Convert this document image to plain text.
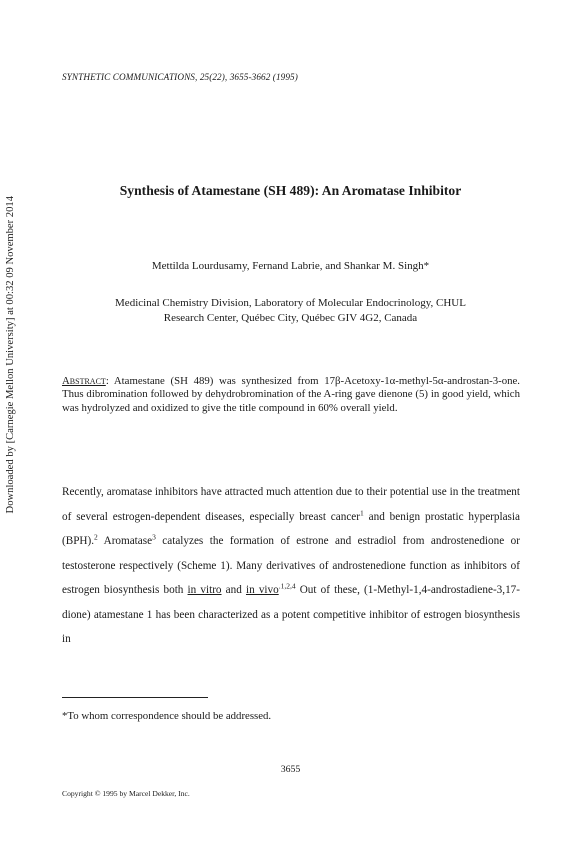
Downloaded by [Carnegie Mellon University] at 00:32 09 November 2014
SYNTHETIC COMMUNICATIONS, 25(22), 3655-3662 (1995)
Synthesis of Atamestane (SH 489): An Aromatase Inhibitor
Mettilda Lourdusamy, Fernand Labrie, and Shankar M. Singh*
Medicinal Chemistry Division, Laboratory of Molecular Endocrinology, CHUL
Research Center, Québec City, Québec GIV 4G2, Canada
Abstract: Atamestane (SH 489) was synthesized from 17β-Acetoxy-1α-methyl-5α-androstan-3-one. Thus dibromination followed by dehydrobromination of the A-ring gave dienone (5) in good yield, which was hydrolyzed and oxidized to give the title compound in 60% overall yield.

Recently, aromatase inhibitors have attracted much attention due to their potential use in the treatment of several estrogen-dependent diseases, especially breast cancer$^1$ and benign prostatic hyperplasia (BPH).$^2$ Aromatase$^3$ catalyzes the formation of estrone and estradiol from androstenedione or testosterone respectively (Scheme 1). Many derivatives of androstenedione function as inhibitors of estrogen biosynthesis both in vitro and in vivo$^{.1,2,4}$ Out of these, (1-Methyl-1,4-androstadiene-3,17-dione) atamestane 1 has been characterized as a potent competitive inhibitor of estrogen biosynthesis in

*To whom correspondence should be addressed.
3655
Copyright © 1995 by Marcel Dekker, Inc.
